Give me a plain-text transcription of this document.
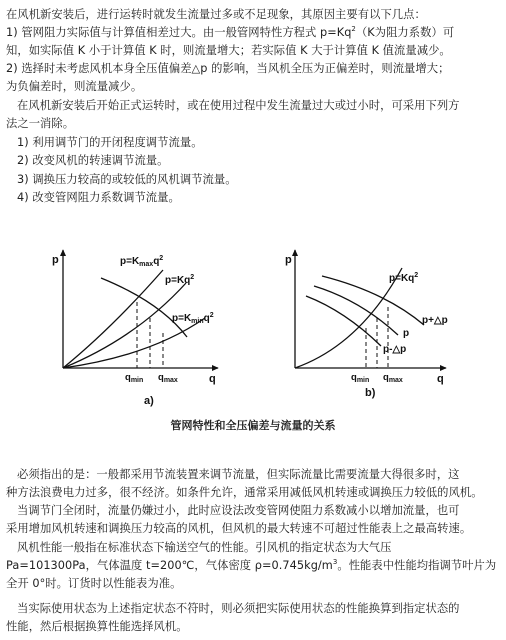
在风机新安装后，进行运转时就发生流量过多或不足现象，其原因主要有以下几点：

1) 管网阻力实际值与计算值相差过大。由一般管网特性方程式 $p=Kq^2(K$为阻力系数）可

知，如实际值 K 小于计算值 K 时，则流量增大；若实际值 K 大于计算值 K 值流量减少。

2) 选择时未考虑风机本身全压值偏差△p 的影响，当风机全压为正偏差时，则流量增大；

为负偏差时，则流量减少。

在风机新安装后开始正式运转时，或在使用过程中发生流量过大或过小时，可采用下列方

法之一消除。

1) 利用调节门的开闭程度调节流量。

2) 改变风机的转速调节流量。

3) 调换压力较高的或较低的风机调节流量。

4) 改变管网阻力系数调节流量。

p
q
$p=K_{max}q^2$
$p=Kq^2$
$p=K_{min}q^2$
$q_{min}$ $q_{max}$
a)
p
q
$p=Kq^2$
p+△p
p
p-△p
$q_{min}$ $q_{max}$
b)
管网特性和全压偏差与流量的关系

必须指出的是：一般都采用节流装置来调节流量，但实际流量比需要流量大得很多时，这

种方法浪费电力过多，很不经济。如条件允许，通常采用减低风机转速或调换压力较低的风机。

当调节门全闭时，流量仍嫌过小，此时应设法改变管网使阻力系数减小以增加流量，也可

采用增加风机转速和调换压力较高的风机，但风机的最大转速不可超过性能表上之最高转速。

风机性能一般指在标准状态下输送空气的性能。引风机的指定状态为大气压

Pa=101300Pa，气体温度 t=200℃，气体密度 $\rho=0.745kg/m^3$。性能表中性能均指调节叶片为

全开 0°时。订货时以性能表为准。

当实际使用状态为上述指定状态不符时，则必须把实际使用状态的性能换算到指定状态的

性能，然后根据换算性能选择风机。
